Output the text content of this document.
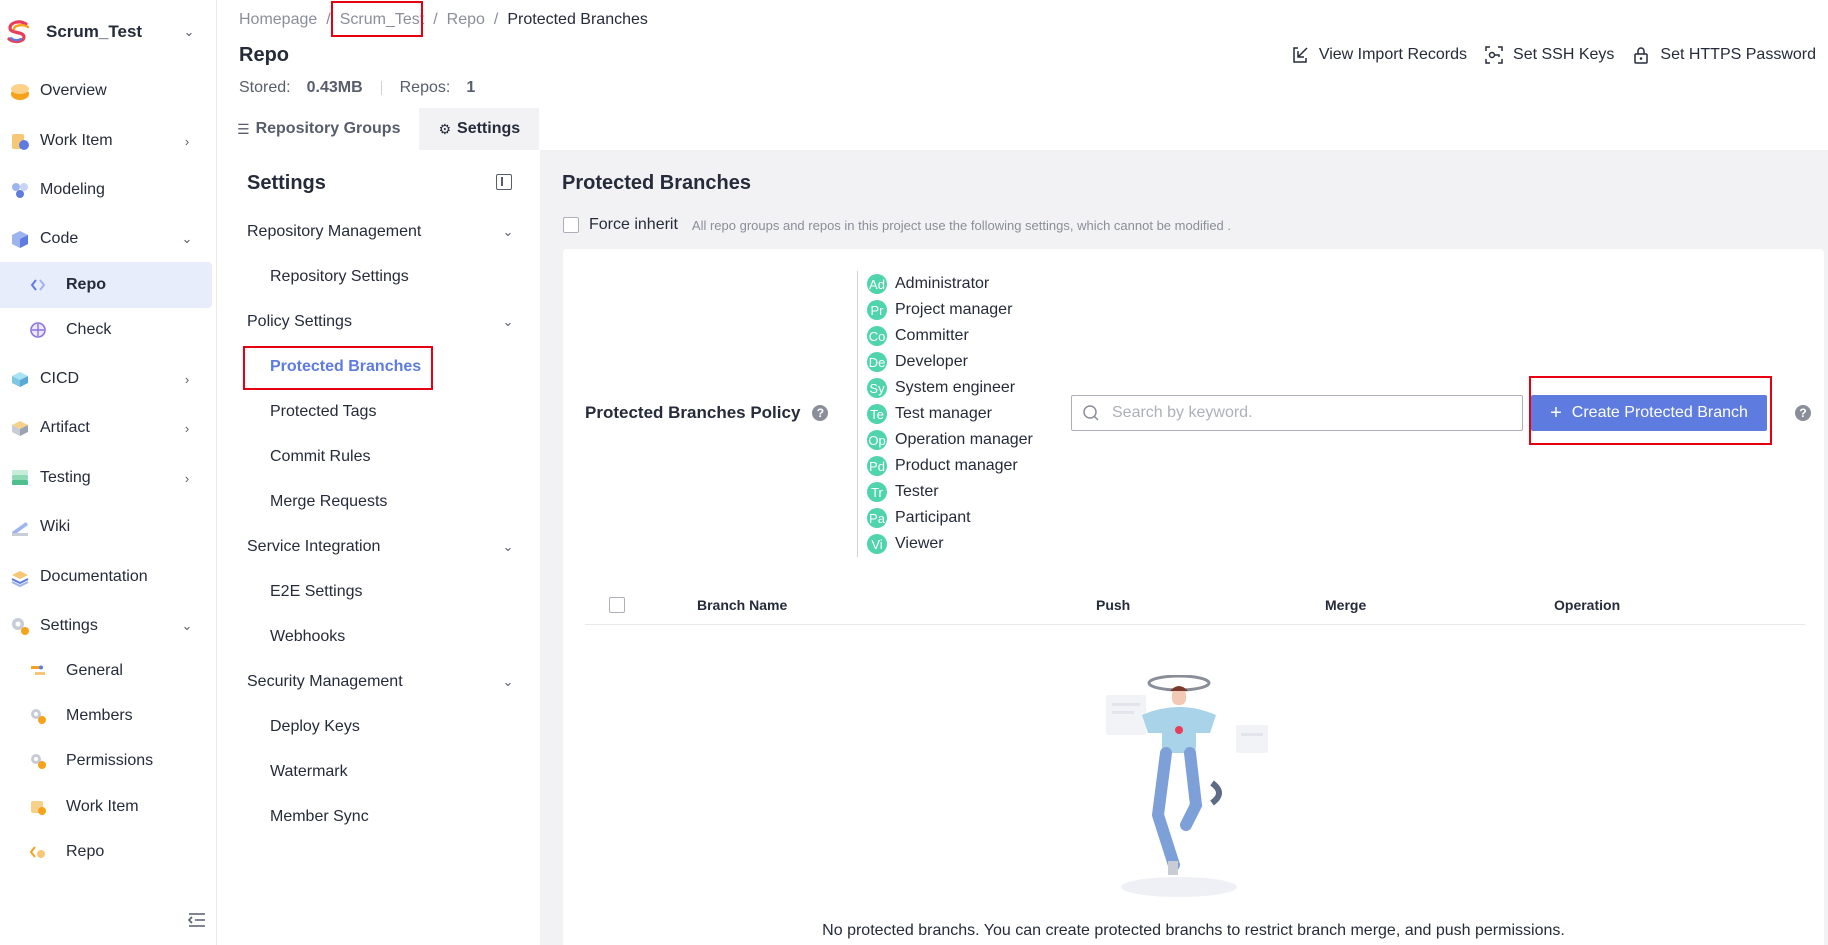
Scrum_Test	⌄
Overview
Work Item	›
Modeling
Code	⌄
Repo
Check
CICD	›
Artifact	›
Testing	›
Wiki
Documentation
Settings	⌄
General
Members
Permissions
Work Item
Repo
Homepage / Scrum_Test / Repo / Protected Branches
Repo
Stored: 0.43MB Repos: 1
View Import Records	Set SSH Keys	Set HTTPS Password
☰ Repository Groups	⚙ Settings
Settings
Repository Management	⌄
Repository Settings
Policy Settings	⌄
Protected Branches
Protected Tags
Commit Rules
Merge Requests
Service Integration	⌄
E2E Settings
Webhooks
Security Management	⌄
Deploy Keys
Watermark
Member Sync
Protected Branches
Force inherit All repo groups and repos in this project use the following settings, which cannot be modified .
Protected Branches Policy	?
Ad Administrator
Pr Project manager
Co Committer
De Developer
Sy System engineer
Te Test manager
Op Operation manager
Pd Product manager
Tr Tester
Pa Participant
Vi Viewer
Search by keyword.
+ Create Protected Branch	?
Branch Name	Push	Merge	Operation
No protected branchs. You can create protected branchs to restrict branch merge, and push permissions.
